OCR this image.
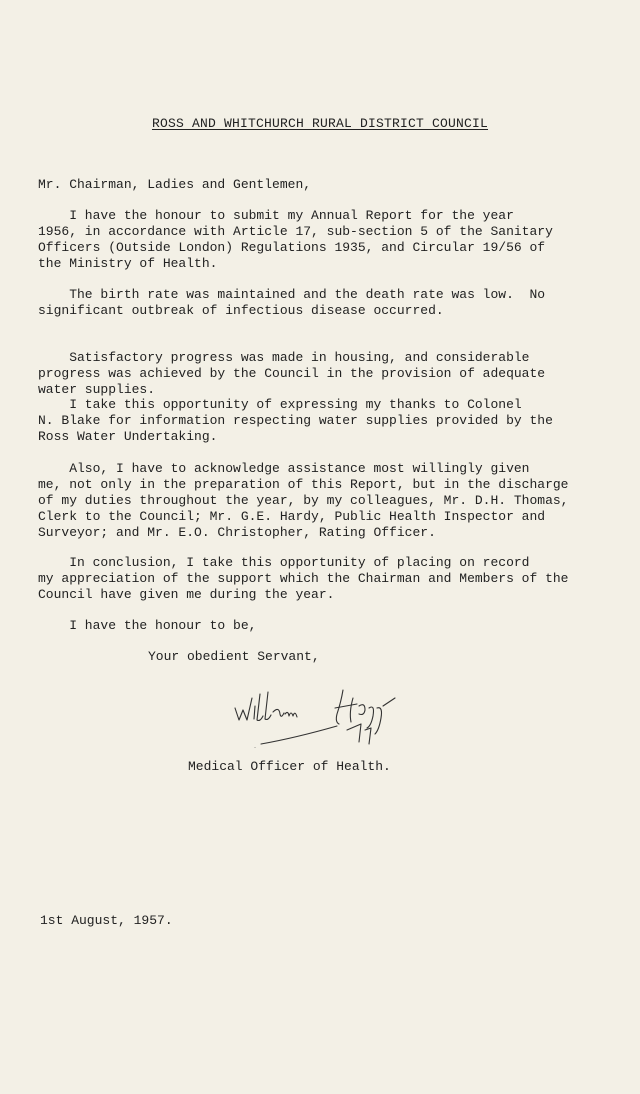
ROSS AND WHITCHURCH RURAL DISTRICT COUNCIL
Mr. Chairman, Ladies and Gentlemen,
I have the honour to submit my Annual Report for the year
1956, in accordance with Article 17, sub-section 5 of the Sanitary
Officers (Outside London) Regulations 1935, and Circular 19/56 of
the Ministry of Health.
The birth rate was maintained and the death rate was low.  No
significant outbreak of infectious disease occurred.
Satisfactory progress was made in housing, and considerable
progress was achieved by the Council in the provision of adequate
water supplies.
I take this opportunity of expressing my thanks to Colonel
N. Blake for information respecting water supplies provided by the
Ross Water Undertaking.
Also, I have to acknowledge assistance most willingly given
me, not only in the preparation of this Report, but in the discharge
of my duties throughout the year, by my colleagues, Mr. D.H. Thomas,
Clerk to the Council; Mr. G.E. Hardy, Public Health Inspector and
Surveyor; and Mr. E.O. Christopher, Rating Officer.
In conclusion, I take this opportunity of placing on record
my appreciation of the support which the Chairman and Members of the
Council have given me during the year.
I have the honour to be,
Your obedient Servant,
Medical Officer of Health.
1st August, 1957.
